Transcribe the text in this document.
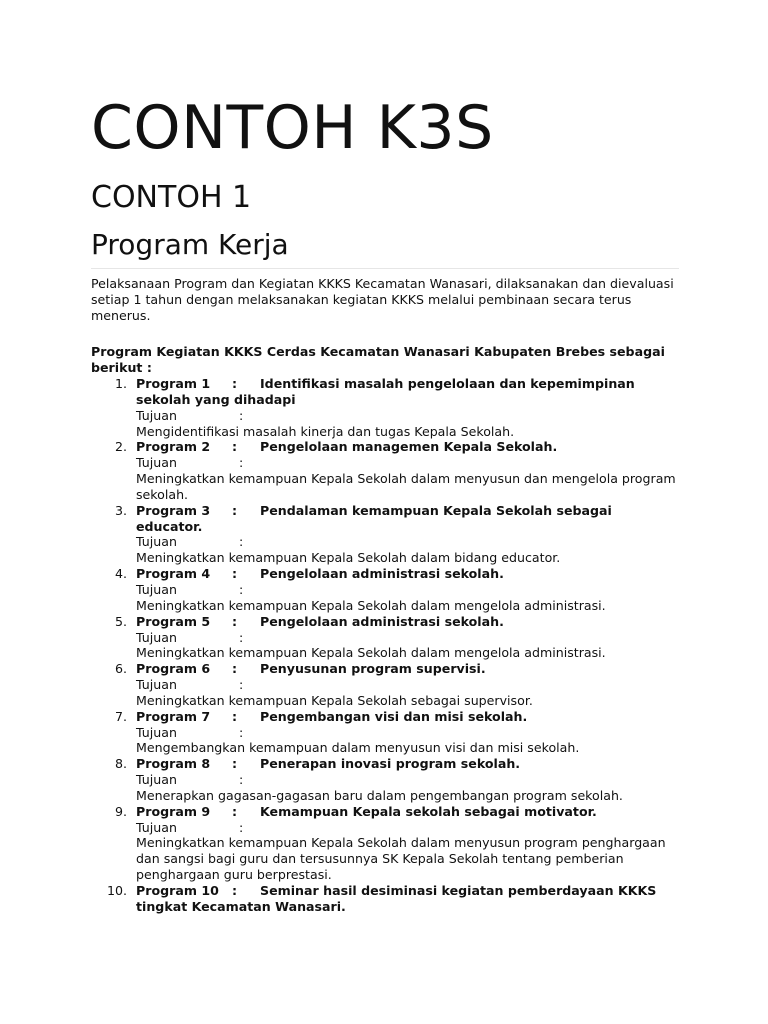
CONTOH K3S
CONTOH 1
Program Kerja

Pelaksanaan Program dan Kegiatan KKKS Kecamatan Wanasari, dilaksanakan dan dievaluasi setiap 1 tahun dengan melaksanakan kegiatan KKKS melalui pembinaan secara terus menerus.

Program Kegiatan KKKS Cerdas Kecamatan Wanasari Kabupaten Brebes sebagai berikut :

1. Program 1 : Identifikasi masalah pengelolaan dan kepemimpinan sekolah yang dihadapi
Tujuan	:
Mengidentifikasi masalah kinerja dan tugas Kepala Sekolah.
2. Program 2 : Pengelolaan managemen Kepala Sekolah.
Tujuan	:
Meningkatkan kemampuan Kepala Sekolah dalam menyusun dan mengelola program sekolah.
3. Program 3 : Pendalaman kemampuan Kepala Sekolah sebagai educator.
Tujuan	:
Meningkatkan kemampuan Kepala Sekolah dalam bidang educator.
4. Program 4 : Pengelolaan administrasi sekolah.
Tujuan	:
Meningkatkan kemampuan Kepala Sekolah dalam mengelola administrasi.
5. Program 5 : Pengelolaan administrasi sekolah.
Tujuan	:
Meningkatkan kemampuan Kepala Sekolah dalam mengelola administrasi.
6. Program 6 : Penyusunan program supervisi.
Tujuan	:
Meningkatkan kemampuan Kepala Sekolah sebagai supervisor.
7. Program 7 : Pengembangan visi dan misi sekolah.
Tujuan	:
Mengembangkan kemampuan dalam menyusun visi dan misi sekolah.
8. Program 8 : Penerapan inovasi program sekolah.
Tujuan	:
Menerapkan gagasan-gagasan baru dalam pengembangan program sekolah.
9. Program 9 : Kemampuan Kepala sekolah sebagai motivator.
Tujuan	:
Meningkatkan kemampuan Kepala Sekolah dalam menyusun program penghargaan dan sangsi bagi guru dan tersusunnya SK Kepala Sekolah tentang pemberian penghargaan guru berprestasi.
10. Program 10 : Seminar hasil desiminasi kegiatan pemberdayaan KKKS tingkat Kecamatan Wanasari.
